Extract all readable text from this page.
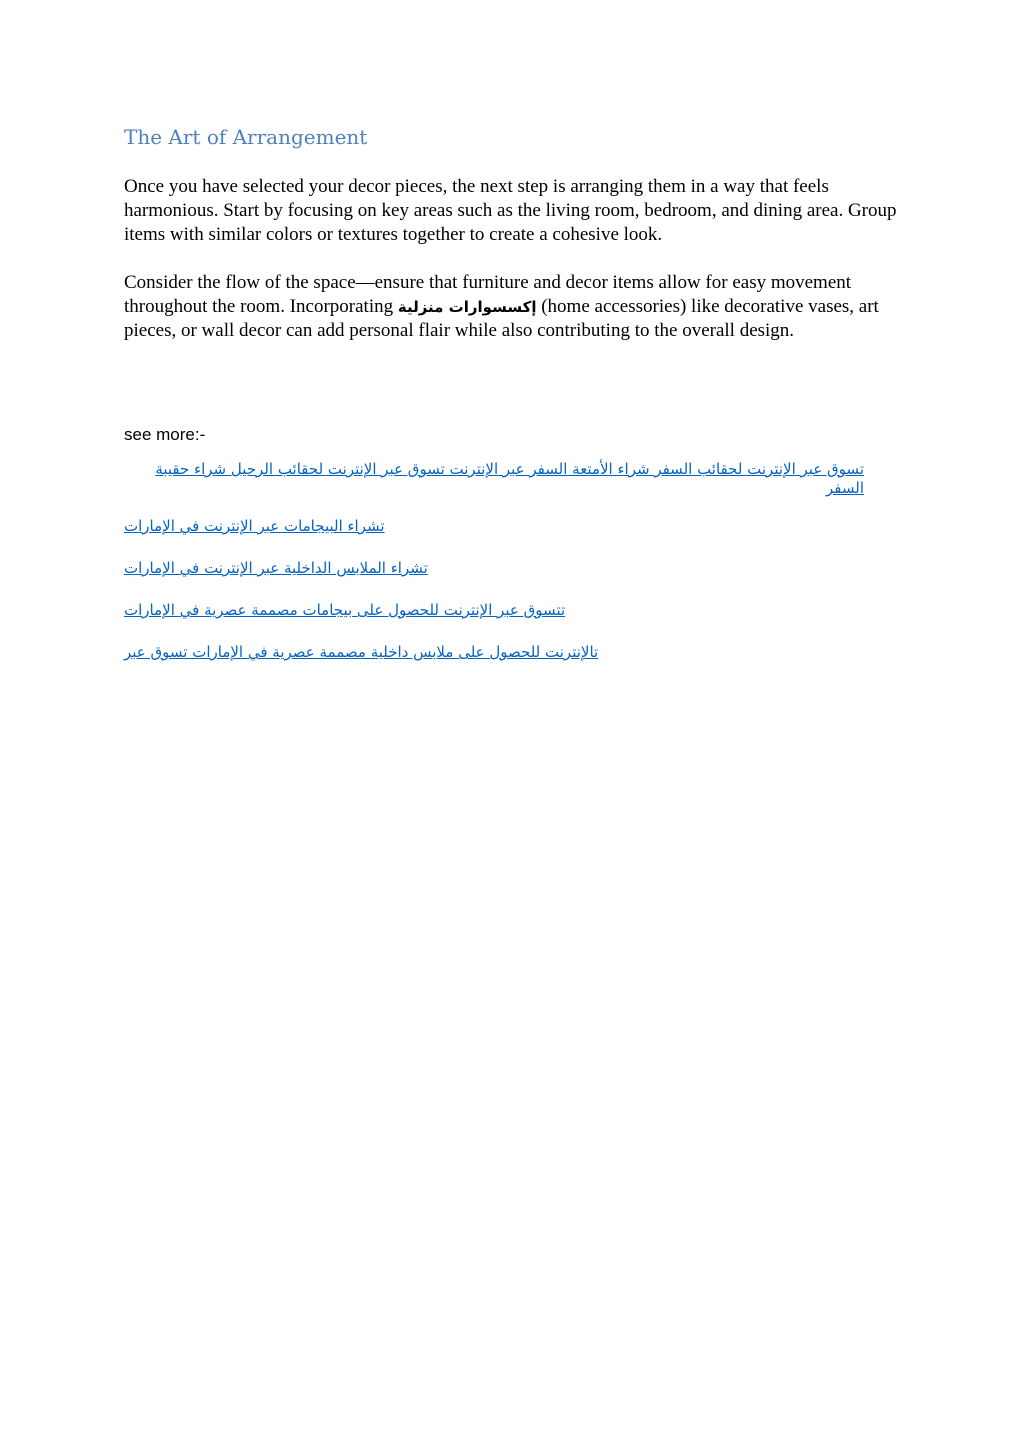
The Art of Arrangement

Once you have selected your decor pieces, the next step is arranging them in a way that feels harmonious. Start by focusing on key areas such as the living room, bedroom, and dining area. Group items with similar colors or textures together to create a cohesive look.

Consider the flow of the space—ensure that furniture and decor items allow for easy movement throughout the room. Incorporating إكسسوارات منزلية (home accessories) like decorative vases, art pieces, or wall decor can add personal flair while also contributing to the overall design.

see more:-

تسوق عبر الإنترنت لحقائب السفر شراء الأمتعة السفر عبر الإنترنت تسوق عبر الإنترنت لحقائب الرحيل شراء حقيبة السفر
تشراء البيجامات عبر الإنترنت في الإمارات
تشراء الملابس الداخلية عبر الإنترنت في الإمارات
تتسوق عبر الإنترنت للحصول على بيجامات مصممة عصرية في الإمارات
تالإنترنت للحصول على ملابس داخلية مصممة عصرية في الإمارات تسوق عبر
